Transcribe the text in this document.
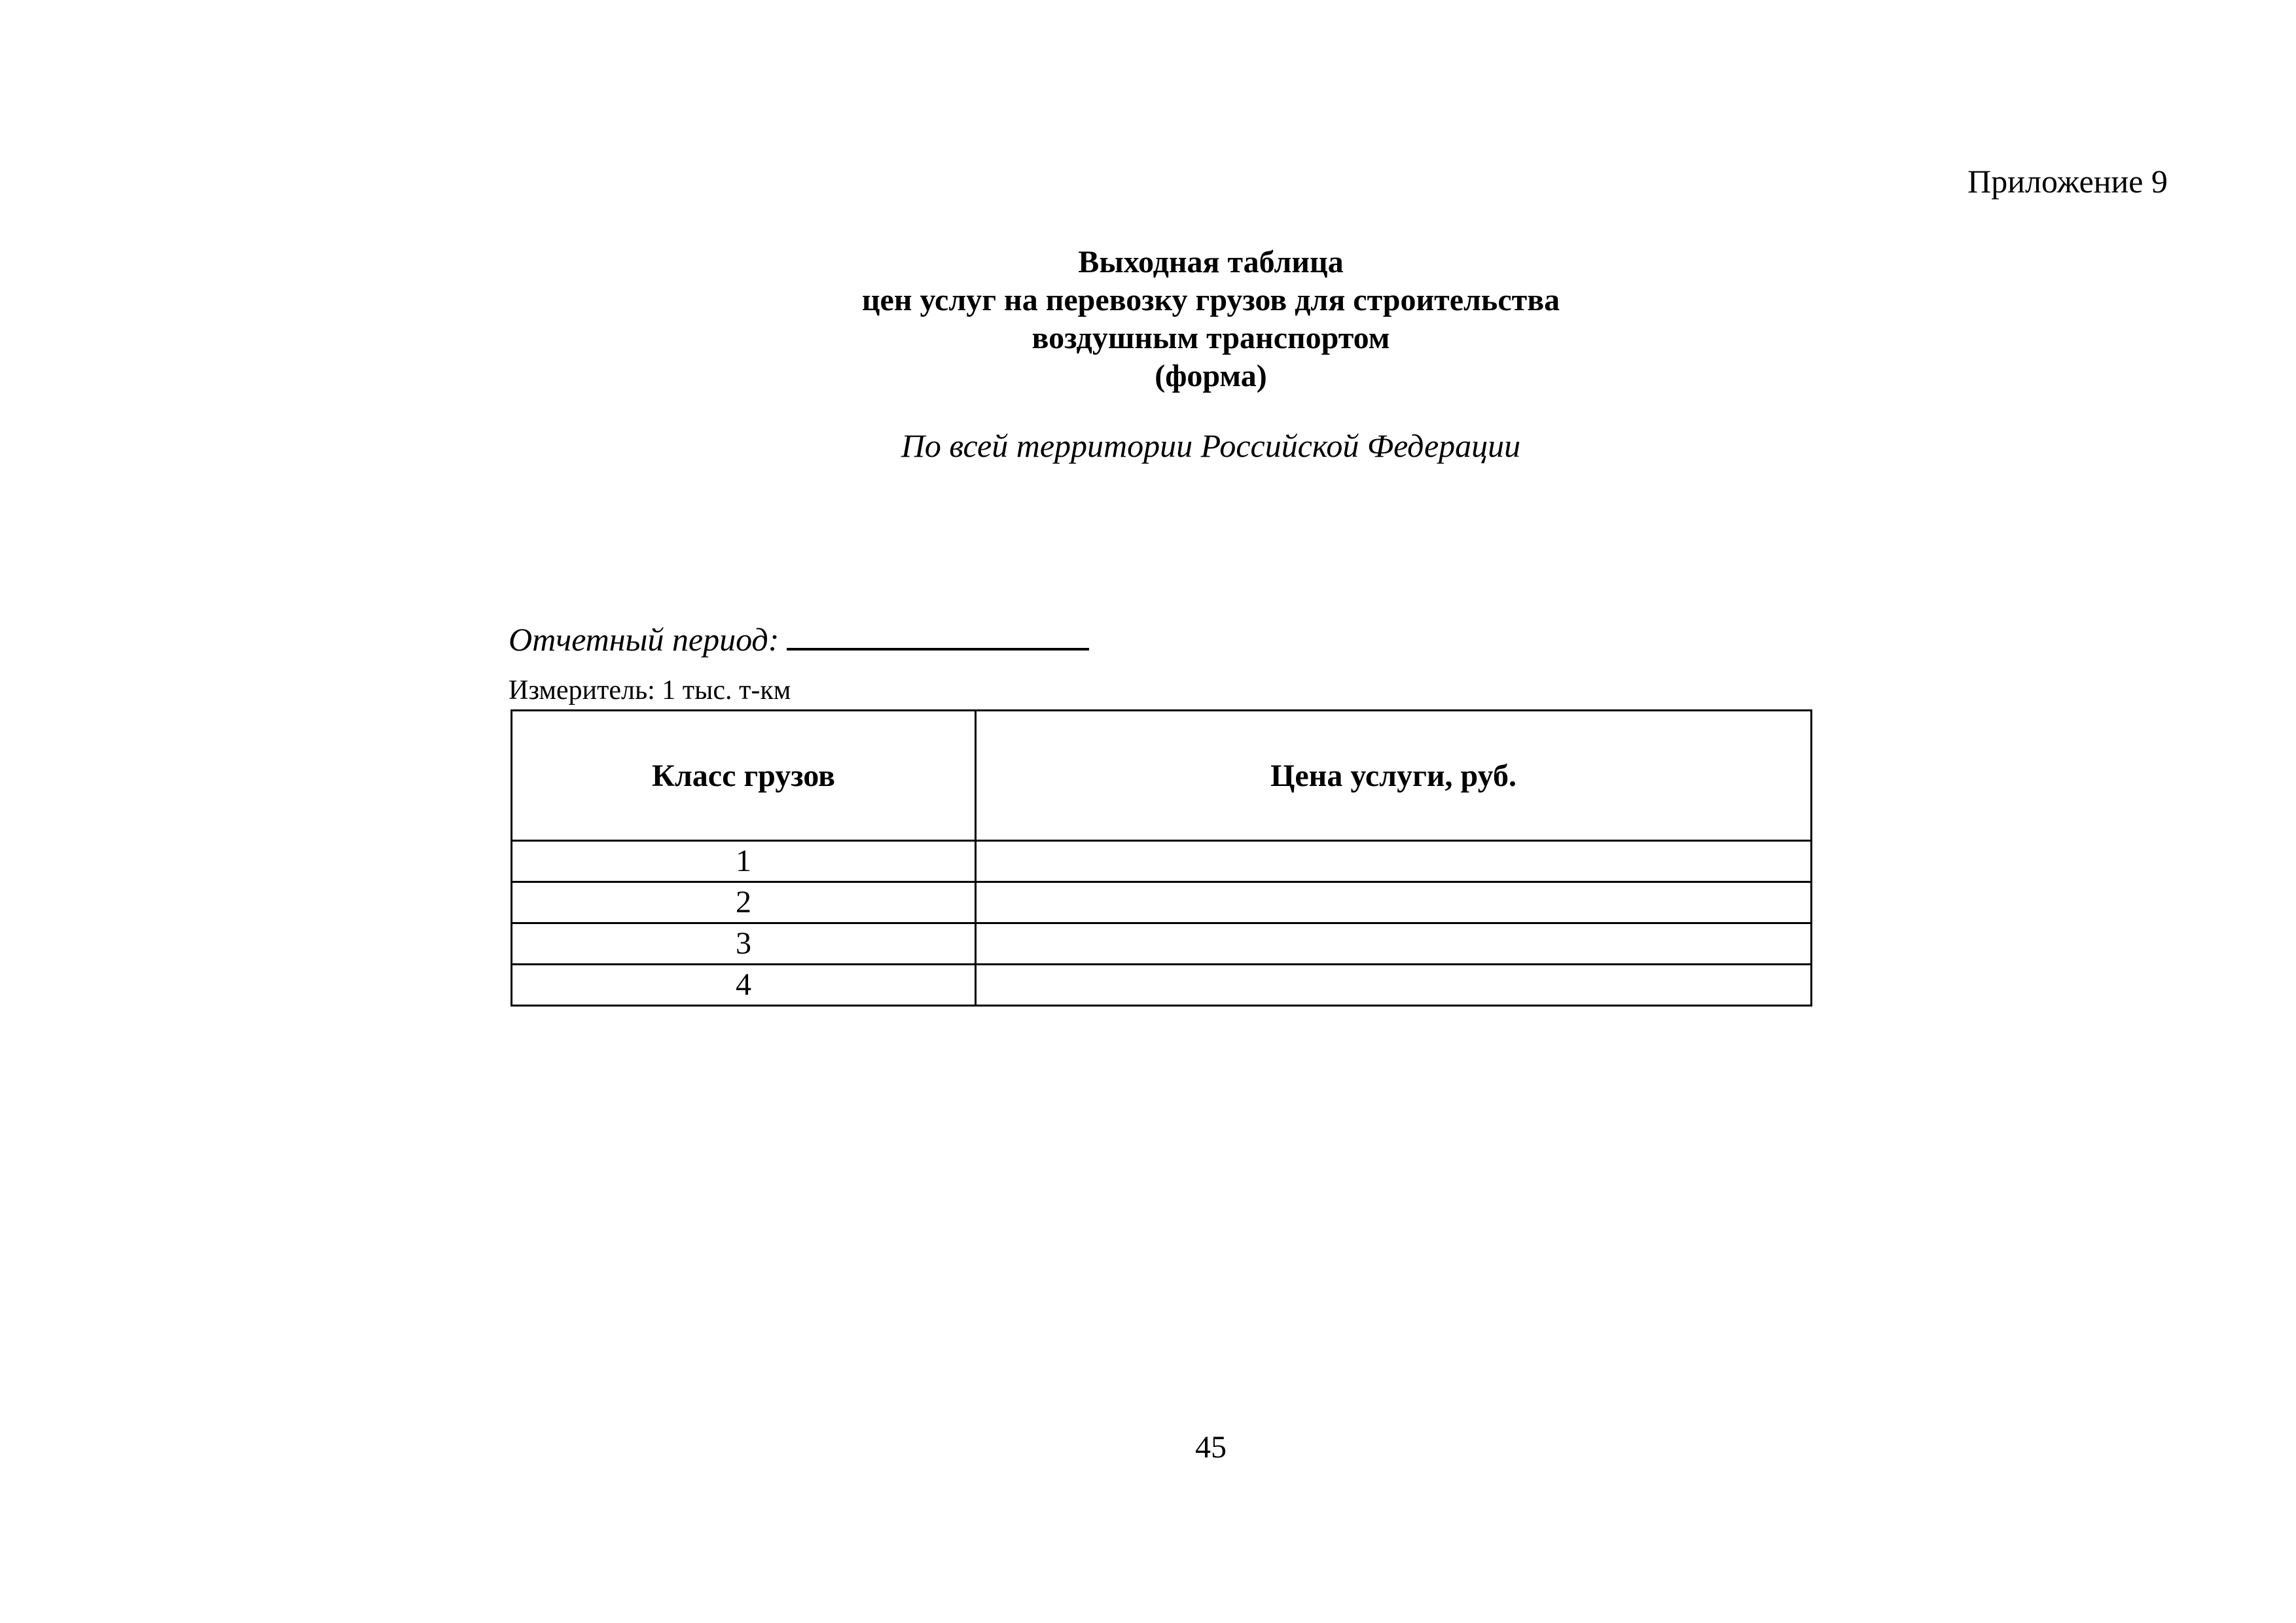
Приложение 9
Выходная таблица
цен услуг на перевозку грузов для строительства
воздушным транспортом
(форма)
По всей территории Российской Федерации
Отчетный период:
Измеритель: 1 тыс. т-км
Класс грузов	Цена услуги, руб.
1	
2	
3	
4	
45
